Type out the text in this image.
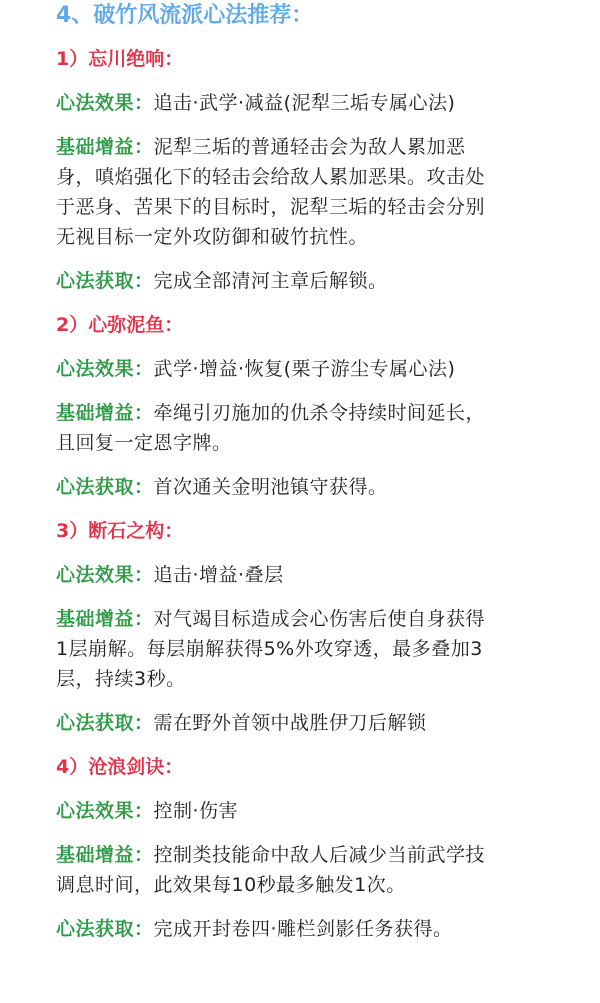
4、破竹风流派心法推荐：
1）忘川绝响：
心法效果：追击·武学·减益(泥犁三垢专属心法)
基础增益：泥犁三垢的普通轻击会为敌人累加恶
身，嗔焰强化下的轻击会给敌人累加恶果。攻击处
于恶身、苦果下的目标时，泥犁三垢的轻击会分别
无视目标一定外攻防御和破竹抗性。
心法获取：完成全部清河主章后解锁。
2）心弥泥鱼：
心法效果：武学·增益·恢复(栗子游尘专属心法)
基础增益：牵绳引刃施加的仇杀令持续时间延长，
且回复一定恩字牌。
心法获取：首次通关金明池镇守获得。
3）断石之构：
心法效果：追击·增益·叠层
基础增益：对气竭目标造成会心伤害后使自身获得
1层崩解。每层崩解获得5%外攻穿透，最多叠加3
层，持续3秒。
心法获取：需在野外首领中战胜伊刀后解锁
4）沧浪剑诀：
心法效果：控制·伤害
基础增益：控制类技能命中敌人后减少当前武学技
调息时间，此效果每10秒最多触发1次。
心法获取：完成开封卷四·雕栏剑影任务获得。
